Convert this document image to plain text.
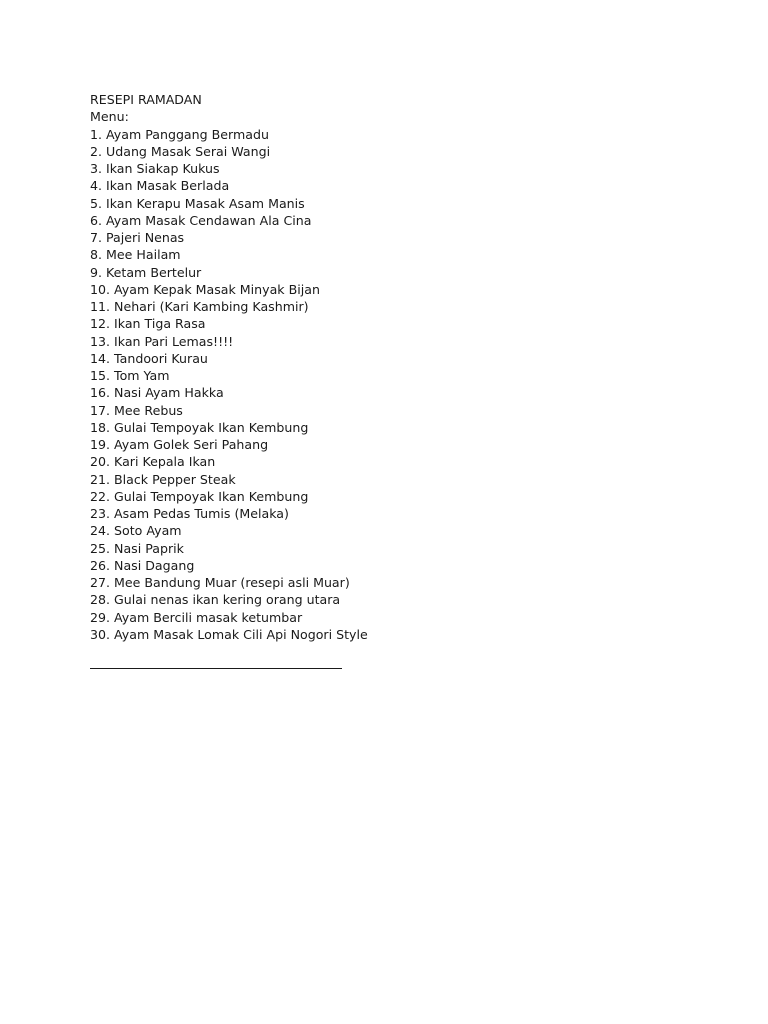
RESEPI RAMADAN

Menu:

1. Ayam Panggang Bermadu
2. Udang Masak Serai Wangi
3. Ikan Siakap Kukus
4. Ikan Masak Berlada
5. Ikan Kerapu Masak Asam Manis
6. Ayam Masak Cendawan Ala Cina
7. Pajeri Nenas
8. Mee Hailam
9. Ketam Bertelur
10. Ayam Kepak Masak Minyak Bijan
11. Nehari (Kari Kambing Kashmir)
12. Ikan Tiga Rasa
13. Ikan Pari Lemas!!!!
14. Tandoori Kurau
15. Tom Yam
16. Nasi Ayam Hakka
17. Mee Rebus
18. Gulai Tempoyak Ikan Kembung
19. Ayam Golek Seri Pahang
20. Kari Kepala Ikan
21. Black Pepper Steak
22. Gulai Tempoyak Ikan Kembung
23. Asam Pedas Tumis (Melaka)
24. Soto Ayam
25. Nasi Paprik
26. Nasi Dagang
27. Mee Bandung Muar (resepi asli Muar)
28. Gulai nenas ikan kering orang utara
29. Ayam Bercili masak ketumbar
30. Ayam Masak Lomak Cili Api Nogori Style
